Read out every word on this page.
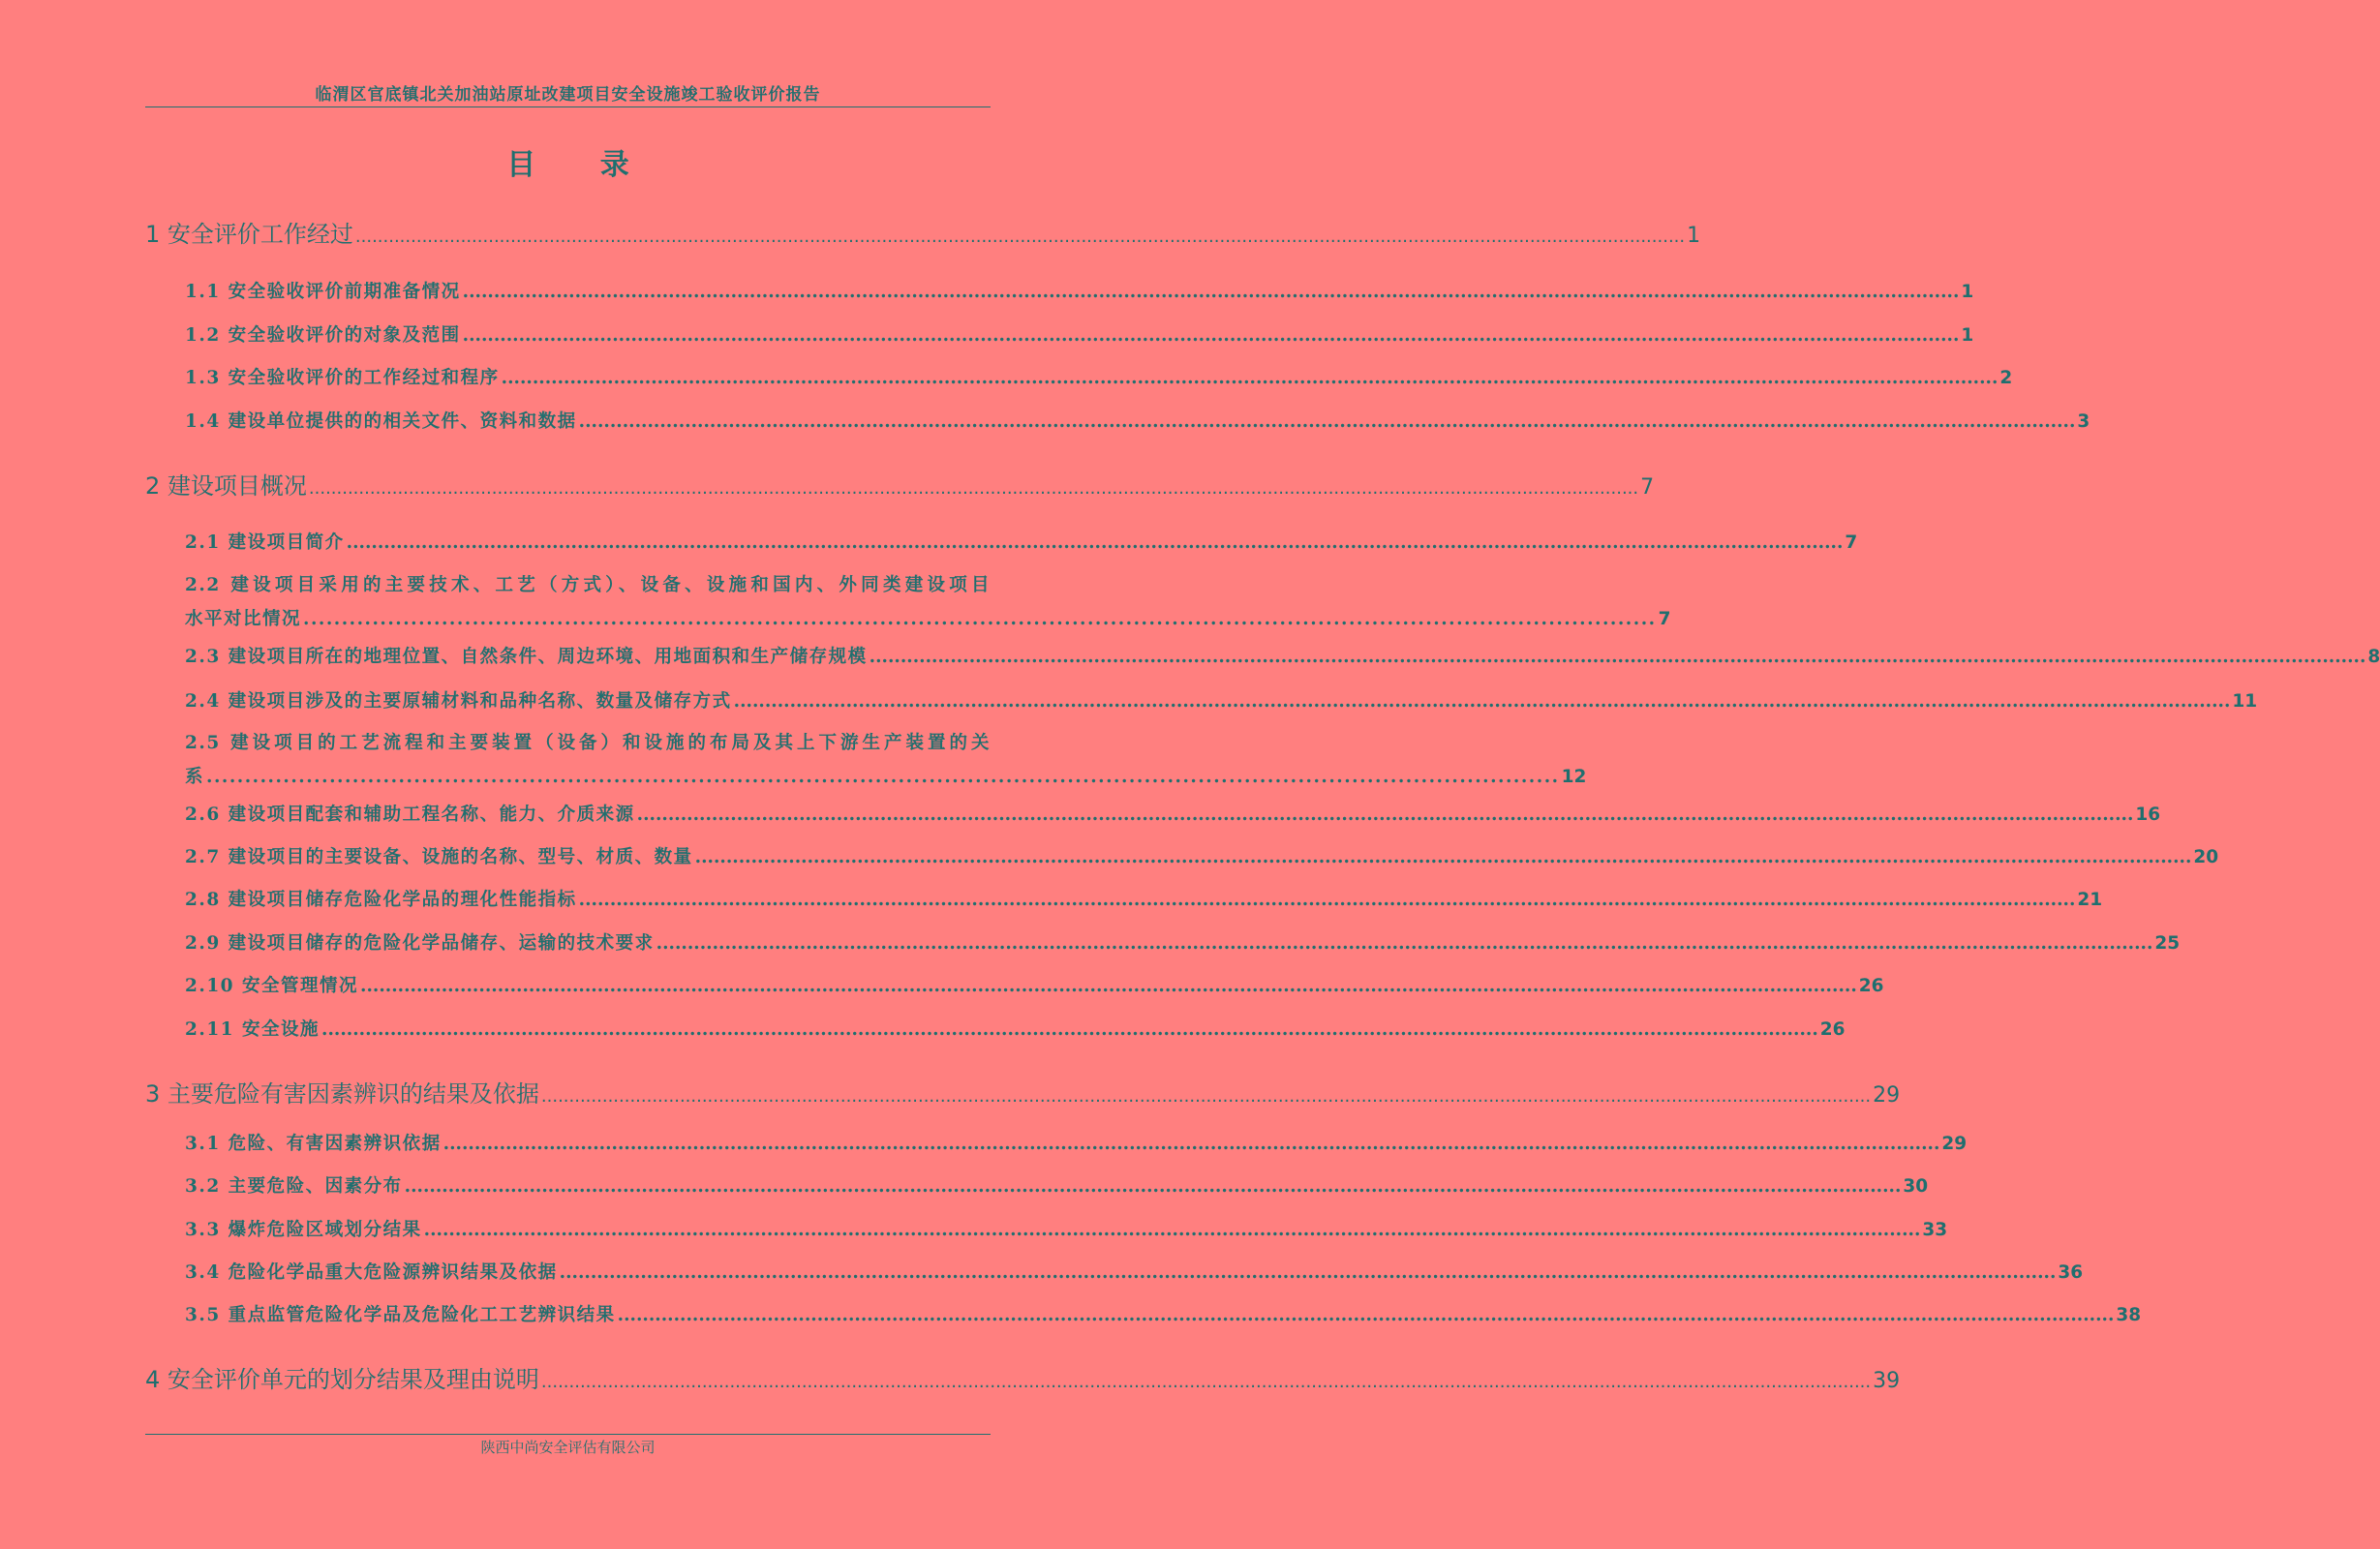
临渭区官底镇北关加油站原址改建项目安全设施竣工验收评价报告
目 录
1 安全评价工作经过 .....	1
1.1 安全验收评价前期准备情况 .....	1
1.2 安全验收评价的对象及范围 .....	1
1.3 安全验收评价的工作经过和程序 .....	2
1.4 建设单位提供的的相关文件、资料和数据 .....	3
2 建设项目概况 .....	7
2.1 建设项目简介 .....	7
2.2 建设项目采用的主要技术、工艺（方式）、设备、设施和国内、外同类建设项目
水平对比情况 ................................................................................................................................................................................ 7
2.3 建设项目所在的地理位置、自然条件、周边环境、用地面积和生产储存规模 .....	8
2.4 建设项目涉及的主要原辅材料和品种名称、数量及储存方式 .....	11
2.5 建设项目的工艺流程和主要装置（设备）和设施的布局及其上下游生产装置的关
系 ................................................................................................................................................................................ 12
2.6 建设项目配套和辅助工程名称、能力、介质来源 .....	16
2.7 建设项目的主要设备、设施的名称、型号、材质、数量 .....	20
2.8 建设项目储存危险化学品的理化性能指标 .....	21
2.9 建设项目储存的危险化学品储存、运输的技术要求 .....	25
2.10 安全管理情况 .....	26
2.11 安全设施 .....	26
3 主要危险有害因素辨识的结果及依据 .....	29
3.1 危险、有害因素辨识依据 .....	29
3.2 主要危险、因素分布 .....	30
3.3 爆炸危险区域划分结果 .....	33
3.4 危险化学品重大危险源辨识结果及依据 .....	36
3.5 重点监管危险化学品及危险化工工艺辨识结果 .....	38
4 安全评价单元的划分结果及理由说明 .....	39
陕西中尚安全评估有限公司
